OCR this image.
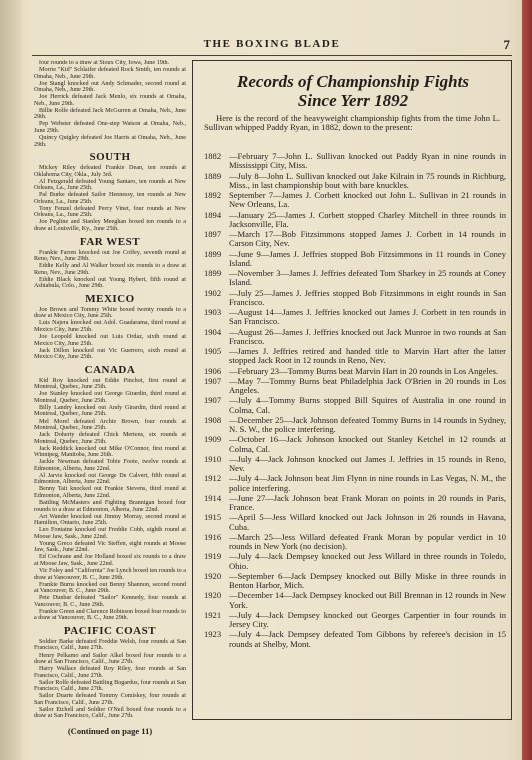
THE BOXING BLADE	7

four rounds to a draw at Sioux City, Iowa, June 19th.

Morrie "Kid" Schlaifer defeated Rock Smith, ten rounds at Omaha, Neb., June 29th.

Joe Stangl knocked out Andy Schmader, second round at Omaha, Neb., June 29th.

Joe Herrick defeated Jack Menlo, six rounds at Omaha, Neb., June 29th.

Billie Rolfe defeated Jack McGurren at Omaha, Neb., June 29th.

Pep Webster defeated One-step Watson at Omaha, Neb., June 29th.

Quincy Quigley defeated Joe Harris at Omaha, Neb., June 29th.

SOUTH

Mickey Riley defeated Frankie Dean, ten rounds at Oklahoma City, Okla., July 3rd.

Al Fetzgerald defeated Young Santaro, ten rounds at New Orleans, La., June 25th.

Pal Burke defeated Sailor Hennessy, ten rounds at New Orleans, La., June 25th.

Tony Fenzel defeated Percy Vinet, four rounds at New Orleans, La., June 25th.

Joe Pegline and Stanley Meeghan boxed ten rounds to a draw at Louisville, Ky., June 25th.

FAR WEST

Frankie Farren knocked out Joe Coffey, seventh round at Reno, Nev., June 29th.

Eddie Kelly and Al Walker boxed six rounds to a draw at Reno, Nev., June 29th.

Eddie Black knocked out Young Hybert, fifth round at Ashtabula, Colo., June 29th.

MEXICO

Joe Brown and Tommy White boxed twenty rounds to a draw at Mexico City, June 25th.

Luis Najera knocked out Adol. Guadarama, third round at Mexico City, June 25th.

Joe Leopold knocked out Luis Ordaz, sixth round at Mexico City, June 25th.

Jack Dillon knocked out Vic Guerrero, sixth round at Mexico City, June 25th.

CANADA

Kid Roy knocked out Eddie Pinchot, first round at Montreal, Quebec, June 25th.

Joe Stanley knocked out George Girardin, third round at Montreal, Quebec, June 25th.

Billy Landry knocked out Andy Girardin, third round at Montreal, Quebec, June 25th.

Mel Morel defeated Archie Brown, four rounds at Montreal, Quebec, June 25th.

Jack Doherty defeated Chick Mertens, six rounds at Montreal, Quebec, June 25th.

Jack Reddick knocked out Mike O'Connor, first round at Winnipeg, Manitoba, June 26th.

Jackie Newman defeated Tobie Foote, twelve rounds at Edmonton, Alberta, June 22nd.

Al Jarvis knocked out George De Calvert, fifth round at Edmonton, Alberta, June 22nd.

Benny Tait knocked out Frankie Stevens, third round at Edmonton, Alberta, June 22nd.

Battling McMasters and Fighting Brannigan boxed four rounds to a draw at Edmonton, Alberta, June 22nd.

Art Wander knocked out Jimmy Morray, second round at Hamilton, Ontario, June 25th.

Leo Fontaine knocked out Freddie Cobb, eighth round at Moose Jaw, Sask., June 22nd.

Young Greco defeated Vic Steffen, eight rounds at Moose Jaw, Sask., June 22nd.

Ed Cochrane and Joe Holland boxed six rounds to a draw at Moose Jaw, Sask., June 22nd.

Vic Foley and "California" Joe Lynch boxed ten rounds to a draw at Vancouver, B. C., June 29th.

Frankie Burns knocked out Benny Shannon, second round at Vancouver, B. C., June 29th.

Pete Dunbar defeated "Sailor" Kennedy, four rounds at Vancouver, B. C., June 29th.

Frankie Green and Clarence Robinson boxed four rounds to a draw at Vancouver, B. C., June 29th.

PACIFIC COAST

Soldier Barke defeated Freddie Welsh, four rounds at San Francisco, Calif., June 27th.

Henry Pelkamo and Sailor Alkel boxed four rounds to a draw at San Francisco, Calif., June 27th.

Harry Wallace defeated Roy Riley, four rounds at San Francisco, Calif., June 27th.

Sailor Rolfe defeated Battling Bogardus, four rounds at San Francisco, Calif., June 27th.

Sailor Duarte defeated Tommy Comiskey, four rounds at San Francisco, Calif., June 27th.

Sailor Etchell and Soldier O'Neil boxed four rounds to a draw at San Francisco, Calif., June 27th.

(Continued on page 11)
Records of Championship Fights
Since Yerr 1892
Here is the record of the heavyweight championship fights from the time John L. Sullivan whipped Paddy Ryan, in 1882, down to the present:
1882 —February 7—John L. Sullivan knocked out Paddy Ryan in nine rounds in Mississippi City, Miss.
1889 —July 8—John L. Sullivan knocked out Jake Kilrain in 75 rounds in Richburg, Miss., in last championship bout with bare knuckles.
1892 September 7—James J. Corbett knocked out John L. Sullivan in 21 rounds in New Orleans, La.
1894 —January 25—James J. Corbett stopped Charley Mitchell in three rounds in Jacksonville, Fla.
1897 —March 17—Bob Fitzsimmons stopped James J. Corbett in 14 rounds in Carson City, Nev.
1899 —June 9—James J. Jeffries stopped Bob Fitzsimmons in 11 rounds in Coney Island.
1899 —November 3—James J. Jeffries defeated Tom Sharkey in 25 rounds at Coney Island.
1902 —July 25—James J. Jeffries stopped Bob Fitzsimmons in eight rounds in San Francisco.
1903 —August 14—James J. Jeffries knocked out James J. Corbett in ten rounds in San Francisco.
1904 —August 26—James J. Jeffries knocked out Jack Munroe in two rounds at San Francisco.
1905 —James J. Jeffries retired and handed title to Marvin Hart after the latter stopped Jack Root in 12 rounds in Reno, Nev.
1906 —February 23—Tommy Burns beat Marvin Hart in 20 rounds in Los Angeles.
1907 —May 7—Tommy Burns beat Philadelphia Jack O'Brien in 20 rounds in Los Angeles.
1907 —July 4—Tommy Burns stopped Bill Squires of Australia in one round in Colma, Cal.
1908 —December 25—Jack Johnson defeated Tommy Burns in 14 rounds in Sydney, N. S. W., the police interfering.
1909 —October 16—Jack Johnson knocked out Stanley Ketchel in 12 rounds at Colma, Cal.
1910 —July 4—Jack Johnson knocked out James J. Jeffries in 15 rounds in Reno, Nev.
1912 —July 4—Jack Johnson beat Jim Flynn in nine rounds in Las Vegas, N. M., the police interfering.
1914 —June 27—Jack Johnson beat Frank Moran on points in 20 rounds in Paris, France.
1915 —April 5—Jess Willard knocked out Jack Johnson in 26 rounds in Havana, Cuba.
1916 —March 25—Jess Willard defeated Frank Moran by popular verdict in 10 rounds in New York (no decision).
1919 —July 4—Jack Dempsey knocked out Jess Willard in three rounds in Toledo, Ohio.
1920 —September 6—Jack Dempsey knocked out Billy Miske in three rounds in Benton Harbor, Mich.
1920 —December 14—Jack Dempsey knocked out Bill Brennan in 12 rounds in New York.
1921 —July 4—Jack Dempsey knocked out Georges Carpentier in four rounds in Jersey City.
1923 —July 4—Jack Dempsey defeated Tom Gibbons by referee's decision in 15 rounds at Shelby, Mont.
